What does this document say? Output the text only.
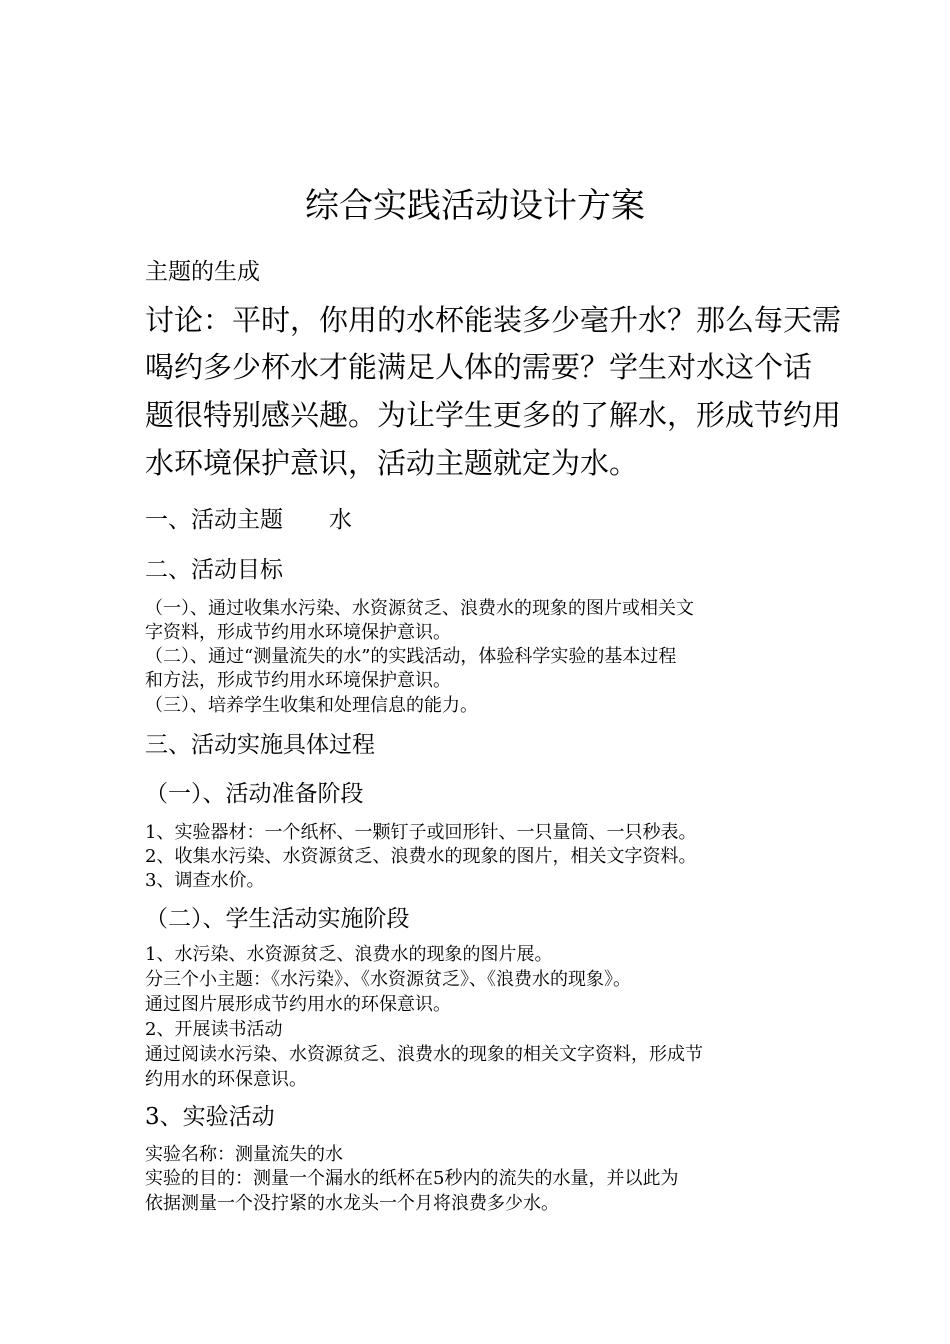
综合实践活动设计方案
主题的生成
讨论：平时，你用的水杯能装多少毫升水？那么每天需
喝约多少杯水才能满足人体的需要？学生对水这个话
题很特别感兴趣。为让学生更多的了解水，形成节约用
水环境保护意识，活动主题就定为水。
一、活动主题 水
二、活动目标
（一）、通过收集水污染、水资源贫乏、浪费水的现象的图片或相关文
字资料，形成节约用水环境保护意识。
（二）、通过“测量流失的水”的实践活动，体验科学实验的基本过程
和方法，形成节约用水环境保护意识。
（三）、培养学生收集和处理信息的能力。
三、活动实施具体过程
（一）、活动准备阶段
1、实验器材：一个纸杯、一颗钉子或回形针、一只量筒、一只秒表。
2、收集水污染、水资源贫乏、浪费水的现象的图片，相关文字资料。
3、调查水价。
（二）、学生活动实施阶段
1、水污染、水资源贫乏、浪费水的现象的图片展。
分三个小主题：《水污染》、《水资源贫乏》、《浪费水的现象》。
通过图片展形成节约用水的环保意识。
2、开展读书活动
通过阅读水污染、水资源贫乏、浪费水的现象的相关文字资料，形成节
约用水的环保意识。
3、实验活动
实验名称：测量流失的水
实验的目的：测量一个漏水的纸杯在5秒内的流失的水量，并以此为
依据测量一个没拧紧的水龙头一个月将浪费多少水。
